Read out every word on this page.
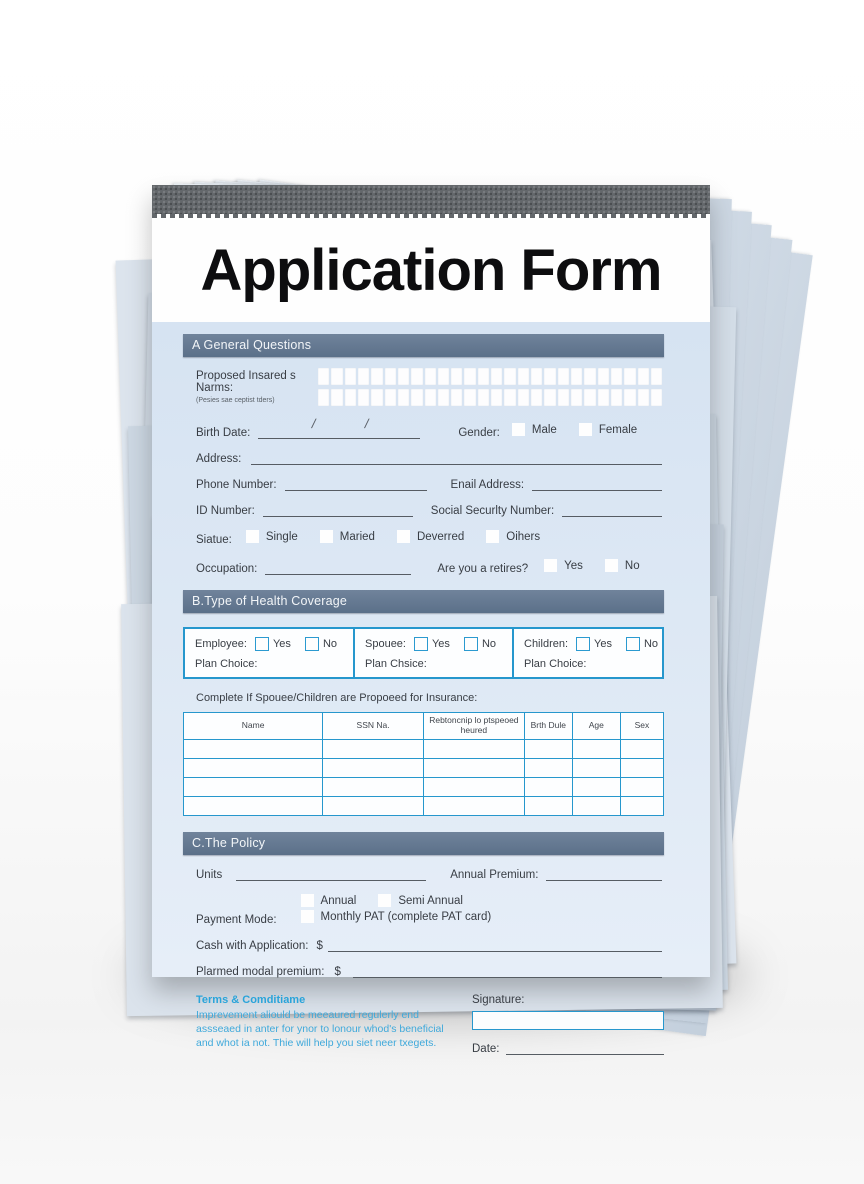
Application Form
A General Questions
Proposed Insared s Narms:
(Pesies sae ceptist tders)
Birth Date:
/	/
Gender:	Male	Female
Address:
Phone Number:	Enail Address:
ID Number:	Social Securlty Number:
Siatue:	Single	Maried	Deverred	Oihers
Occupation:	Are you a retires?	Yes	No
B.Type of Health Coverage
Employee: Yes	No
Plan Choice:
Spouee: Yes	No
Plan Chsice:
Children: Yes	No
Plan Choice:
Complete If Spouee/Children are Propoeed for Insurance:
Name	SSN Na.	Rebtoncnip lo ptspeoed heured	Brth Dule	Age	Sex

C.The Policy
Units	Annual Premium:
Payment Mode:
Annual	Semi Annual
Monthly PAT (complete PAT card)
Cash with Application: $
Plarmed modal premium: $
Terms & Comditiame
Imprevement aliould be meeaured regulerly end assseaed in anter for ynor to lonour whod's beneficial and whot ia not. Thie will help you siet neer txegets.
Signature:
Date:
